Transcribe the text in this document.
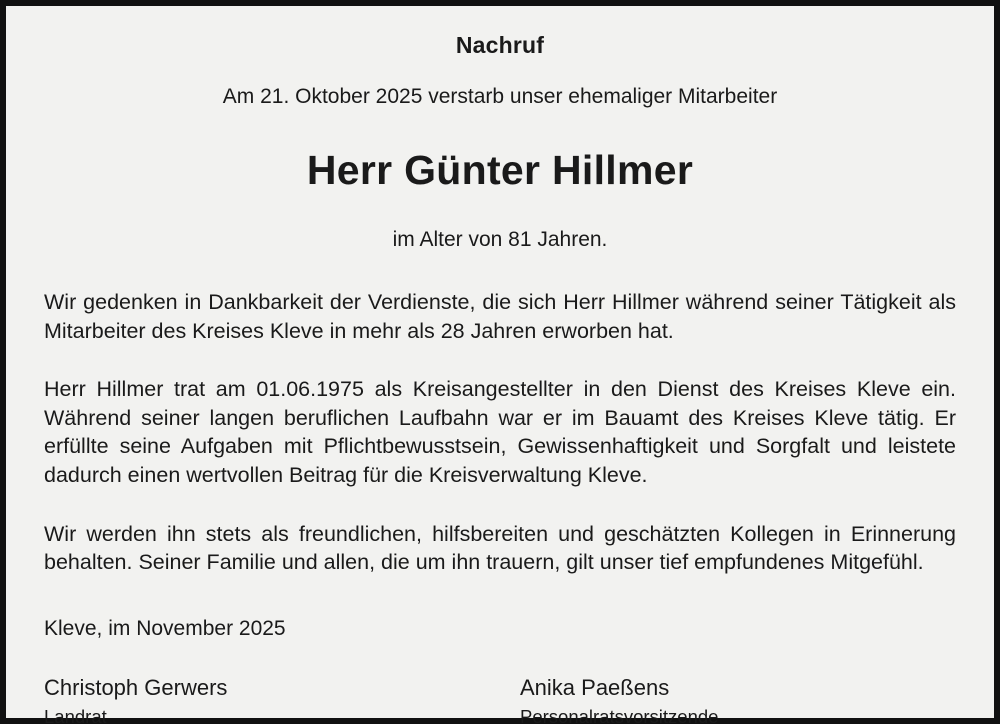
Nachruf
Am 21. Oktober 2025 verstarb unser ehemaliger Mitarbeiter
Herr Günter Hillmer
im Alter von 81 Jahren.
Wir gedenken in Dankbarkeit der Verdienste, die sich Herr Hillmer während seiner Tätigkeit als Mitarbeiter des Kreises Kleve in mehr als 28 Jahren erworben hat.
Herr Hillmer trat am 01.06.1975 als Kreisangestellter in den Dienst des Kreises Kleve ein. Während seiner langen beruflichen Laufbahn war er im Bauamt des Kreises Kleve tätig. Er erfüllte seine Aufgaben mit Pflichtbewusstsein, Gewissenhaftigkeit und Sorgfalt und leistete dadurch einen wertvollen Beitrag für die Kreisverwaltung Kleve.
Wir werden ihn stets als freundlichen, hilfsbereiten und geschätzten Kollegen in Erinnerung behalten. Seiner Familie und allen, die um ihn trauern, gilt unser tief empfundenes Mitgefühl.
Kleve, im November 2025
Christoph Gerwers
Landrat
Anika Paeßens
Personalratsvorsitzende
